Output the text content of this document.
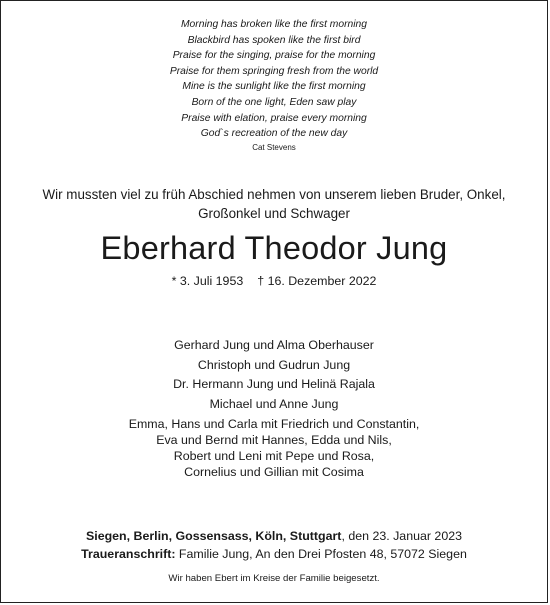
Morning has broken like the first morning
Blackbird has spoken like the first bird
Praise for the singing, praise for the morning
Praise for them springing fresh from the world
Mine is the sunlight like the first morning
Born of the one light, Eden saw play
Praise with elation, praise every morning
God`s recreation of the new day
Cat Stevens
Wir mussten viel zu früh Abschied nehmen von unserem lieben Bruder, Onkel,
Großonkel und Schwager
Eberhard Theodor Jung
* 3. Juli 1953 † 16. Dezember 2022
Gerhard Jung und Alma Oberhauser
Christoph und Gudrun Jung
Dr. Hermann Jung und Helinä Rajala
Michael und Anne Jung
Emma, Hans und Carla mit Friedrich und Constantin,
Eva und Bernd mit Hannes, Edda und Nils,
Robert und Leni mit Pepe und Rosa,
Cornelius und Gillian mit Cosima
Siegen, Berlin, Gossensass, Köln, Stuttgart, den 23. Januar 2023
Traueranschrift: Familie Jung, An den Drei Pfosten 48, 57072 Siegen
Wir haben Ebert im Kreise der Familie beigesetzt.
